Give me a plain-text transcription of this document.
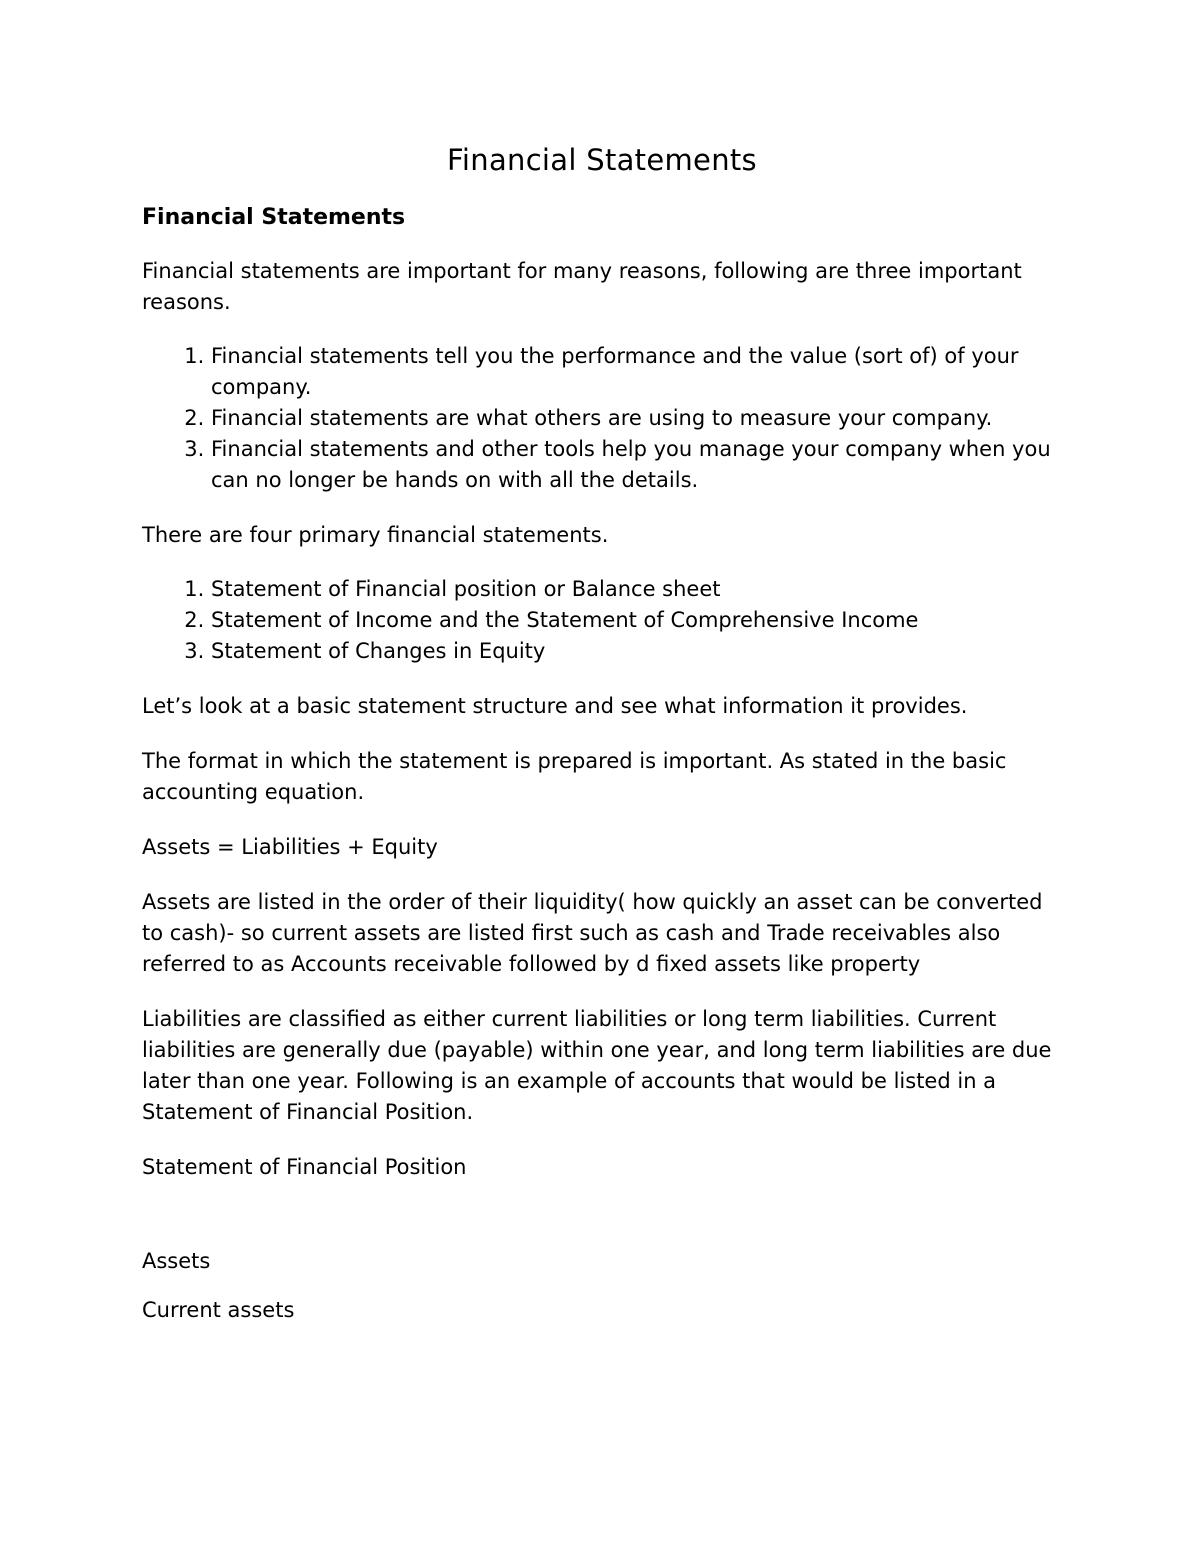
Financial Statements
Financial Statements

Financial statements are important for many reasons, following are three important reasons.

1. Financial statements tell you the performance and the value (sort of) of your company.
2. Financial statements are what others are using to measure your company.
3. Financial statements and other tools help you manage your company when you can no longer be hands on with all the details.

There are four primary financial statements.

1. Statement of Financial position or Balance sheet
2. Statement of Income and the Statement of Comprehensive Income
3. Statement of Changes in Equity

Let’s look at a basic statement structure and see what information it provides.

The format in which the statement is prepared is important. As stated in the basic accounting equation.

Assets = Liabilities + Equity

Assets are listed in the order of their liquidity( how quickly an asset can be converted to cash)- so current assets are listed first such as cash and Trade receivables also referred to as Accounts receivable followed by d fixed assets like property

Liabilities are classified as either current liabilities or long term liabilities. Current liabilities are generally due (payable) within one year, and long term liabilities are due later than one year. Following is an example of accounts that would be listed in a Statement of Financial Position.

Statement of Financial Position

Assets

Current assets
